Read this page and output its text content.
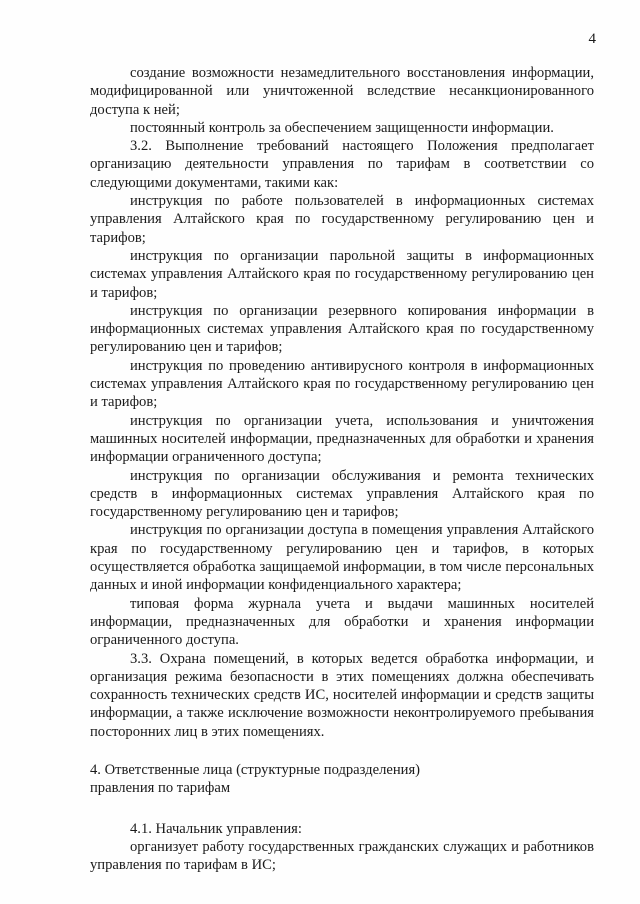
4

создание возможности незамедлительного восстановления информации, модифицированной или уничтоженной вследствие несанкционированного доступа к ней;

постоянный контроль за обеспечением защищенности информации.

3.2. Выполнение требований настоящего Положения предполагает организацию деятельности управления по тарифам в соответствии со следующими документами, такими как:

инструкция по работе пользователей в информационных системах управления Алтайского края по государственному регулированию цен и тарифов;

инструкция по организации парольной защиты в информационных системах управления Алтайского края по государственному регулированию цен и тарифов;

инструкция по организации резервного копирования информации в информационных системах управления Алтайского края по государственному регулированию цен и тарифов;

инструкция по проведению антивирусного контроля в информационных системах управления Алтайского края по государственному регулированию цен и тарифов;

инструкция по организации учета, использования и уничтожения машинных носителей информации, предназначенных для обработки и хранения информации ограниченного доступа;

инструкция по организации обслуживания и ремонта технических средств в информационных системах управления Алтайского края по государственному регулированию цен и тарифов;

инструкция по организации доступа в помещения управления Алтайского края по государственному регулированию цен и тарифов, в которых осуществляется обработка защищаемой информации, в том числе персональных данных и иной информации конфиденциального характера;

типовая форма журнала учета и выдачи машинных носителей информации, предназначенных для обработки и хранения информации ограниченного доступа.

3.3. Охрана помещений, в которых ведется обработка информации, и организация режима безопасности в этих помещениях должна обеспечивать сохранность технических средств ИС, носителей информации и средств защиты информации, а также исключение возможности неконтролируемого пребывания посторонних лиц в этих помещениях.

4. Ответственные лица (структурные подразделения)

правления по тарифам

4.1. Начальник управления:

организует работу государственных гражданских служащих и работников управления по тарифам в ИС;
